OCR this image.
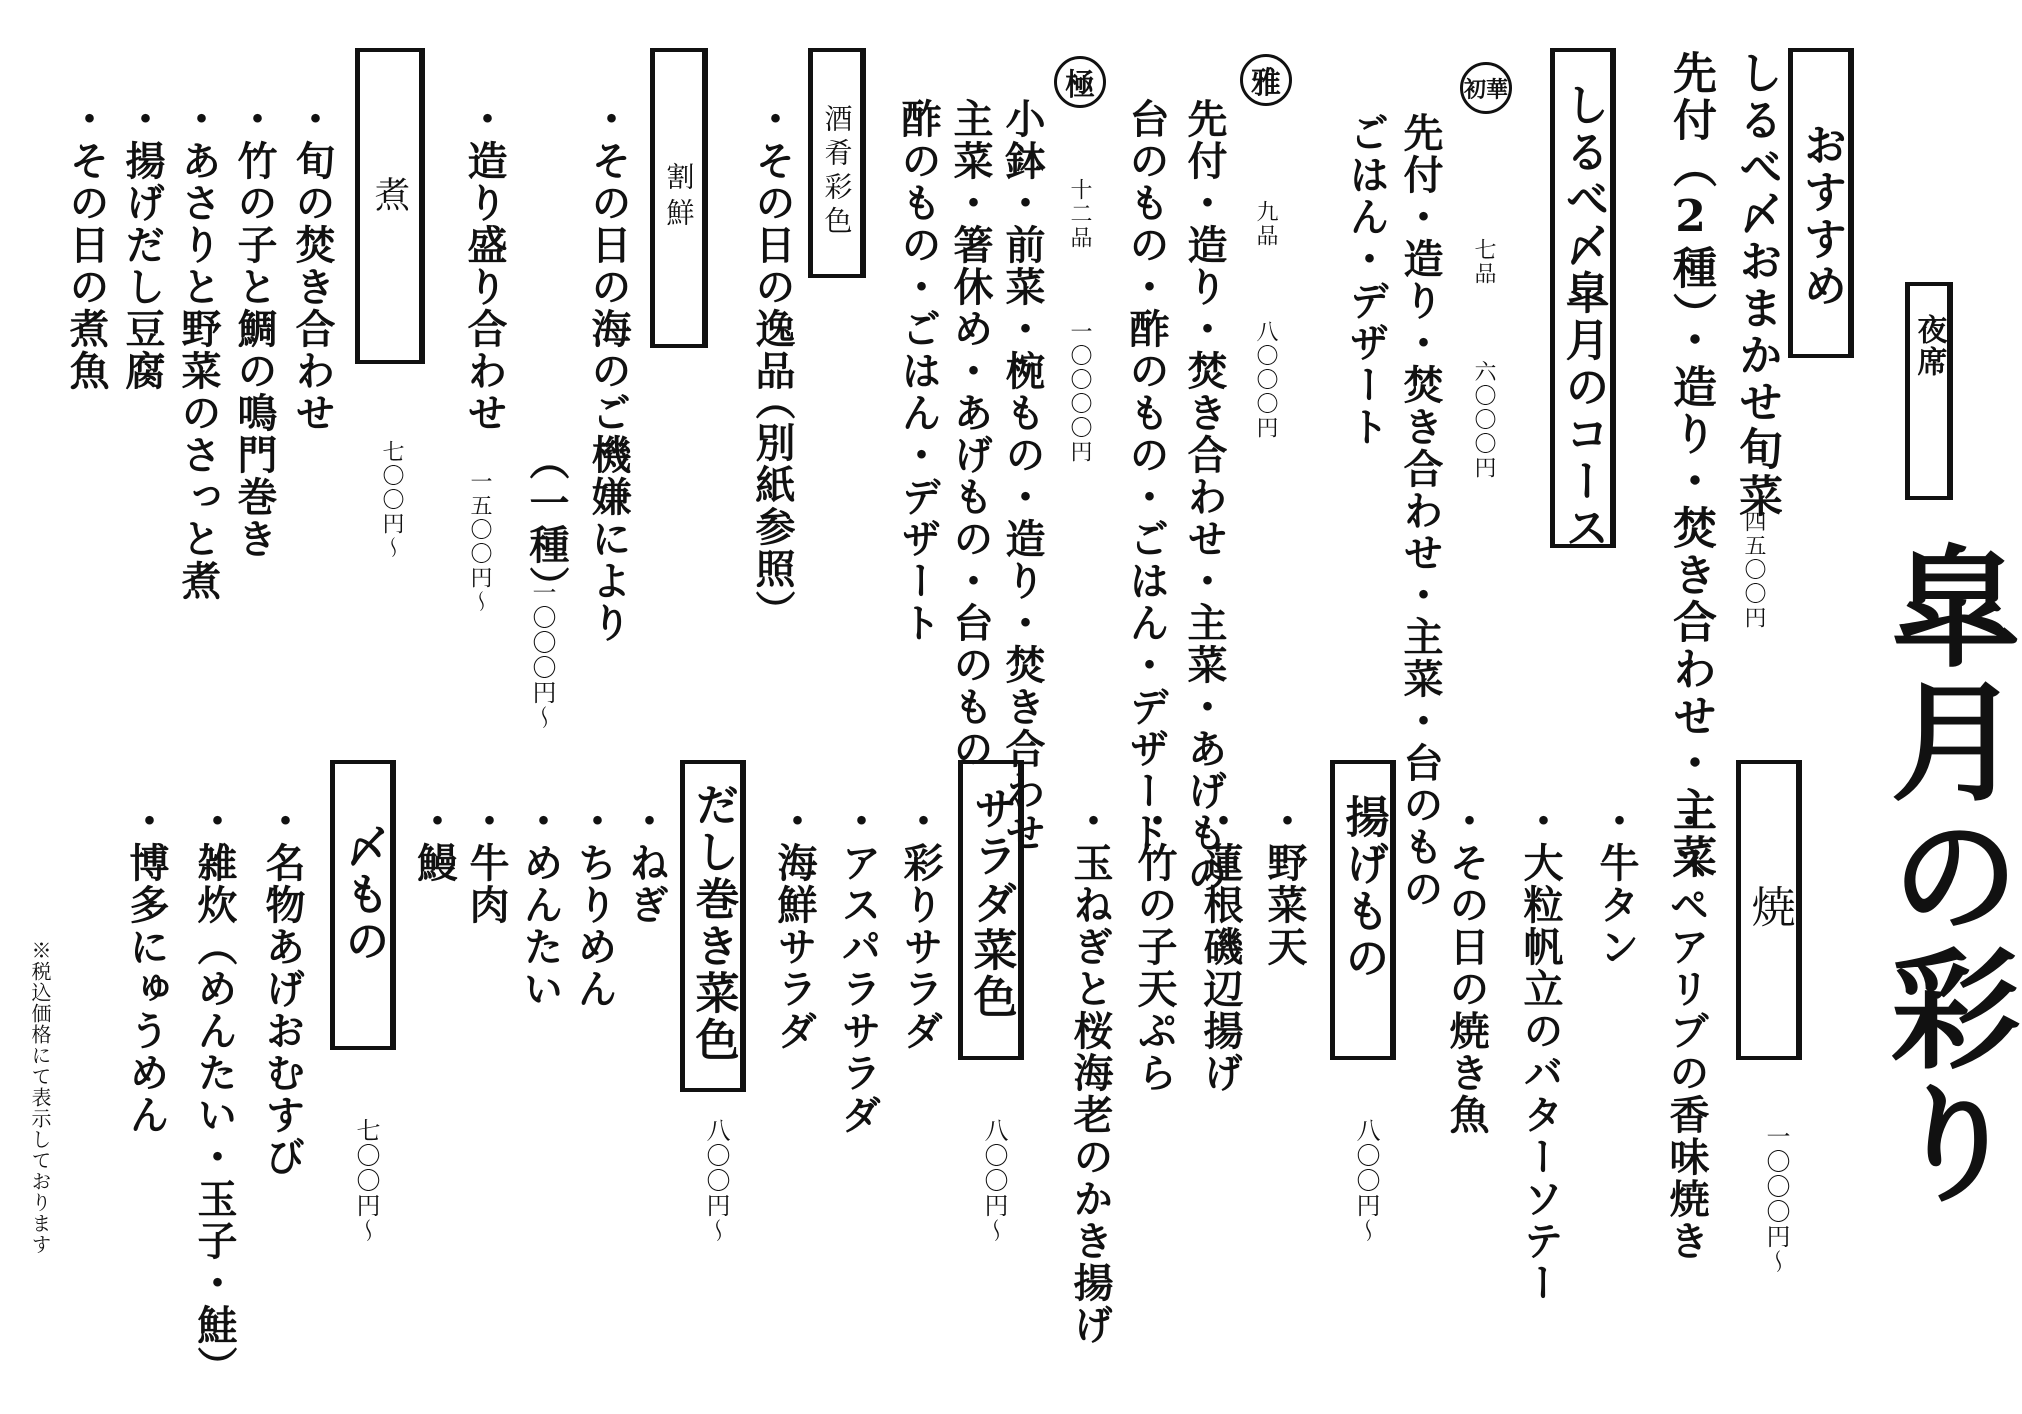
夜席
皐月の彩り
おすすめ
しるべ〆おまかせ旬菜
四五〇〇円
先付（2種）・造り・焚き合わせ・主菜
しるべ〆皐月のコース
初華
七品
六〇〇〇円
先付・造り・焚き合わせ・主菜・台のもの
ごはん・デザート
雅
九品
八〇〇〇円
先付・造り・焚き合わせ・主菜・あげもの
台のもの・酢のもの・ごはん・デザート
極
十二品
一〇〇〇〇円
小鉢・前菜・椀もの・造り・焚き合わせ
主菜・箸休め・あげもの・台のもの
酢のもの・ごはん・デザート
酒肴彩色
・その日の逸品
（別紙参照）
割鮮
・その日の海のご機嫌により
（一種）
一〇〇〇円〜
・造り盛り合わせ
一五〇〇円〜
煮
七〇〇円〜
・旬の焚き合わせ
・竹の子と鯛の鳴門巻き
・あさりと野菜のさっと煮
・揚げだし豆腐
・その日の煮魚
焼
一〇〇〇円〜
・スペアリブの香味焼き
・牛タン
・大粒帆立のバターソテー
・その日の焼き魚
揚げもの
八〇〇円〜
・野菜天
・蓮根磯辺揚げ
・竹の子天ぷら
・玉ねぎと桜海老のかき揚げ
サラダ菜色
八〇〇円〜
・彩りサラダ
・アスパラサラダ
・海鮮サラダ
だし巻き菜色
八〇〇円〜
・ねぎ
・ちりめん
・めんたい
・牛肉
・鰻
〆もの
七〇〇円〜
・名物あげおむすび
・雑炊（めんたい・玉子・鮭）
・博多にゅうめん
※税込価格にて表示しております
